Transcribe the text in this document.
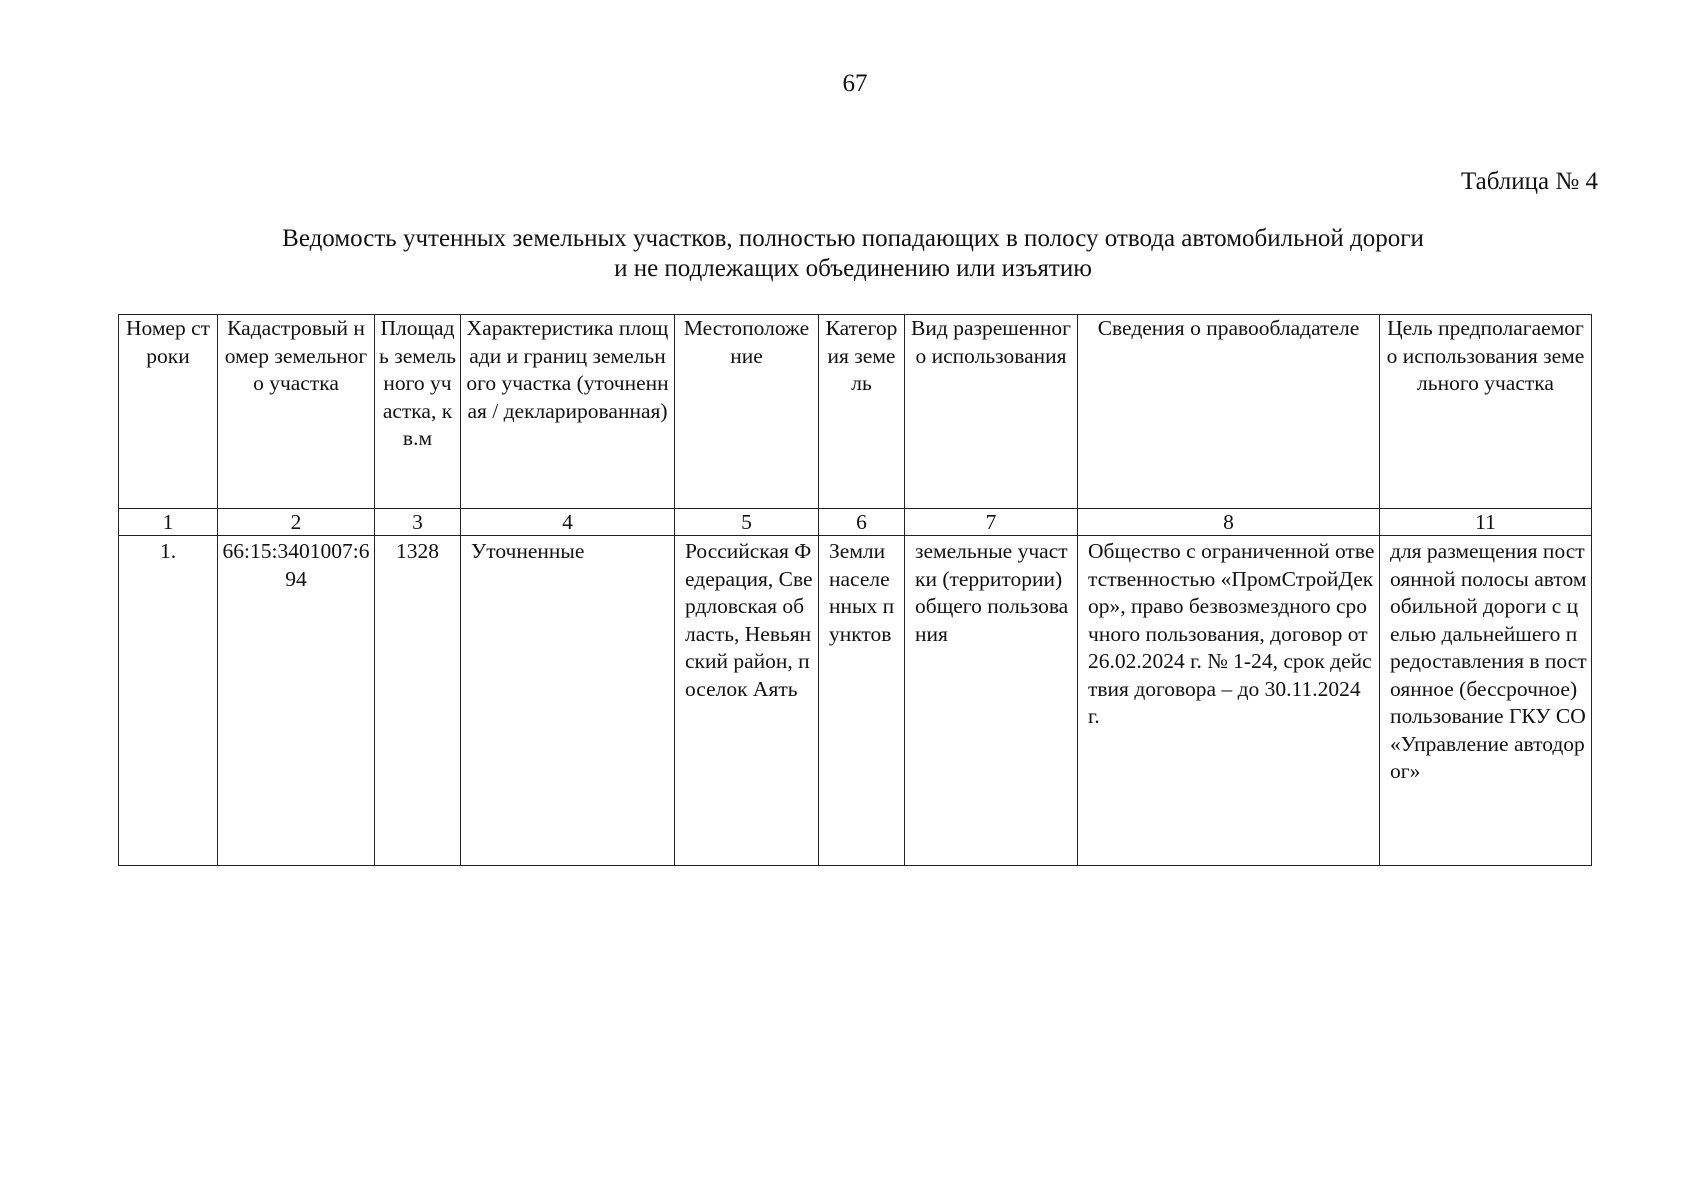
67
Таблица № 4
Ведомость учтенных земельных участков, полностью попадающих в полосу отвода автомобильной дороги
и не подлежащих объединению или изъятию
Номер строки	Кадастровый номер земельного участка	Площадь земельного участка, кв.м	Характеристика площади и границ земельного участка (уточненная / декларированная)	Местоположение	Категория земель	Вид разрешенного использования	Сведения о правообладателе	Цель предполагаемого использования земельного участка
1	2	3	4	5	6	7	8	11
1.	66:15:3401007:694	1328	Уточненные	Российская Федерация, Свердловская область, Невьянский район, поселок Аять	Земли населенных пунктов	земельные участки (территории) общего пользования	Общество с ограниченной ответственностью «ПромСтройДекор», право безвозмездного срочного пользования, договор от 26.02.2024 г. № 1-24, срок действия договора – до 30.11.2024 г.	для размещения постоянной полосы автомобильной дороги с целью дальнейшего предоставления в постоянное (бессрочное) пользование ГКУ СО «Управление автодорог»
